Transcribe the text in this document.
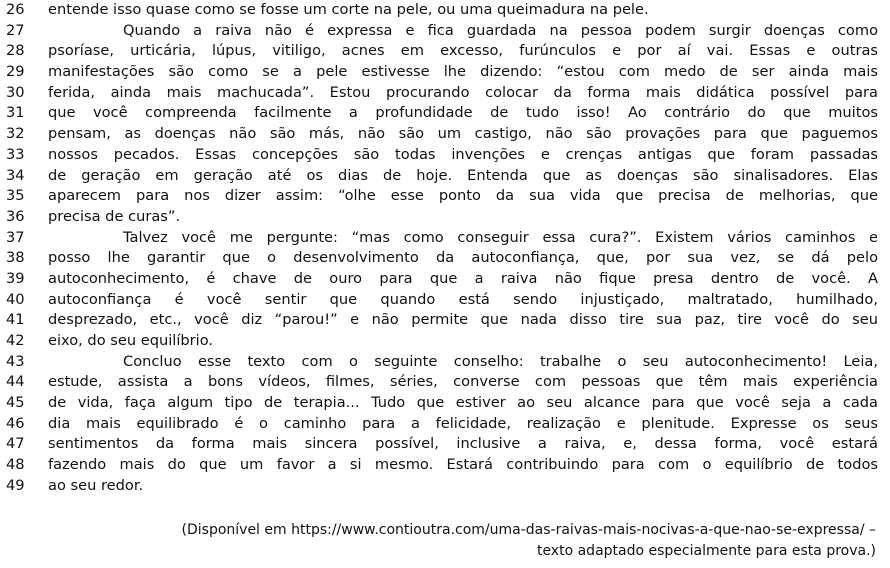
26	entende isso quase como se fosse um corte na pele, ou uma queimadura na pele.
27	Quando a raiva não é expressa e fica guardada na pessoa podem surgir doenças como
28	psoríase, urticária, lúpus, vitiligo, acnes em excesso, furúnculos e por aí vai. Essas e outras
29	manifestações são como se a pele estivesse lhe dizendo: “estou com medo de ser ainda mais
30	ferida, ainda mais machucada”. Estou procurando colocar da forma mais didática possível para
31	que você compreenda facilmente a profundidade de tudo isso! Ao contrário do que muitos
32	pensam, as doenças não são más, não são um castigo, não são provações para que paguemos
33	nossos pecados. Essas concepções são todas invenções e crenças antigas que foram passadas
34	de geração em geração até os dias de hoje. Entenda que as doenças são sinalisadores. Elas
35	aparecem para nos dizer assim: “olhe esse ponto da sua vida que precisa de melhorias, que
36	precisa de curas”.
37	Talvez você me pergunte: “mas como conseguir essa cura?”. Existem vários caminhos e
38	posso lhe garantir que o desenvolvimento da autoconfiança, que, por sua vez, se dá pelo
39	autoconhecimento, é chave de ouro para que a raiva não fique presa dentro de você. A
40	autoconfiança é você sentir que quando está sendo injustiçado, maltratado, humilhado,
41	desprezado, etc., você diz “parou!” e não permite que nada disso tire sua paz, tire você do seu
42	eixo, do seu equilíbrio.
43	Concluo esse texto com o seguinte conselho: trabalhe o seu autoconhecimento! Leia,
44	estude, assista a bons vídeos, filmes, séries, converse com pessoas que têm mais experiência
45	de vida, faça algum tipo de terapia... Tudo que estiver ao seu alcance para que você seja a cada
46	dia mais equilibrado é o caminho para a felicidade, realização e plenitude. Expresse os seus
47	sentimentos da forma mais sincera possível, inclusive a raiva, e, dessa forma, você estará
48	fazendo mais do que um favor a si mesmo. Estará contribuindo para com o equilíbrio de todos
49	ao seu redor.
(Disponível em https://www.contioutra.com/uma-das-raivas-mais-nocivas-a-que-nao-se-expressa/ –
texto adaptado especialmente para esta prova.)
